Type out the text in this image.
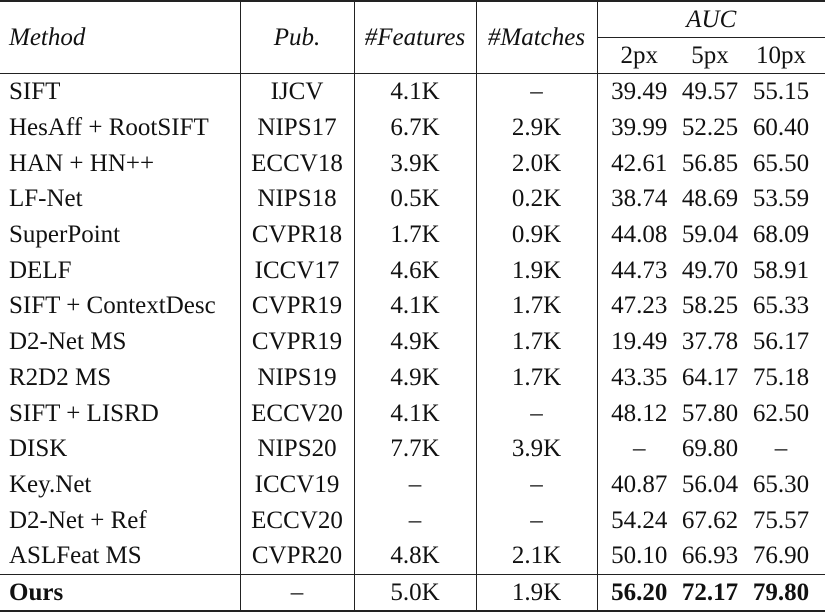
Method	Pub.	#Features	#Matches	AUC		
				2px	5px	10px
SIFT	IJCV	4.1K	–	39.49	49.57	55.15
HesAff + RootSIFT	NIPS17	6.7K	2.9K	39.99	52.25	60.40
HAN + HN++	ECCV18	3.9K	2.0K	42.61	56.85	65.50
LF-Net	NIPS18	0.5K	0.2K	38.74	48.69	53.59
SuperPoint	CVPR18	1.7K	0.9K	44.08	59.04	68.09
DELF	ICCV17	4.6K	1.9K	44.73	49.70	58.91
SIFT + ContextDesc	CVPR19	4.1K	1.7K	47.23	58.25	65.33
D2-Net MS	CVPR19	4.9K	1.7K	19.49	37.78	56.17
R2D2 MS	NIPS19	4.9K	1.7K	43.35	64.17	75.18
SIFT + LISRD	ECCV20	4.1K	–	48.12	57.80	62.50
DISK	NIPS20	7.7K	3.9K	–	69.80	–
Key.Net	ICCV19	–	–	40.87	56.04	65.30
D2-Net + Ref	ECCV20	–	–	54.24	67.62	75.57
ASLFeat MS	CVPR20	4.8K	2.1K	50.10	66.93	76.90
Ours	–	5.0K	1.9K	56.20	72.17	79.80
